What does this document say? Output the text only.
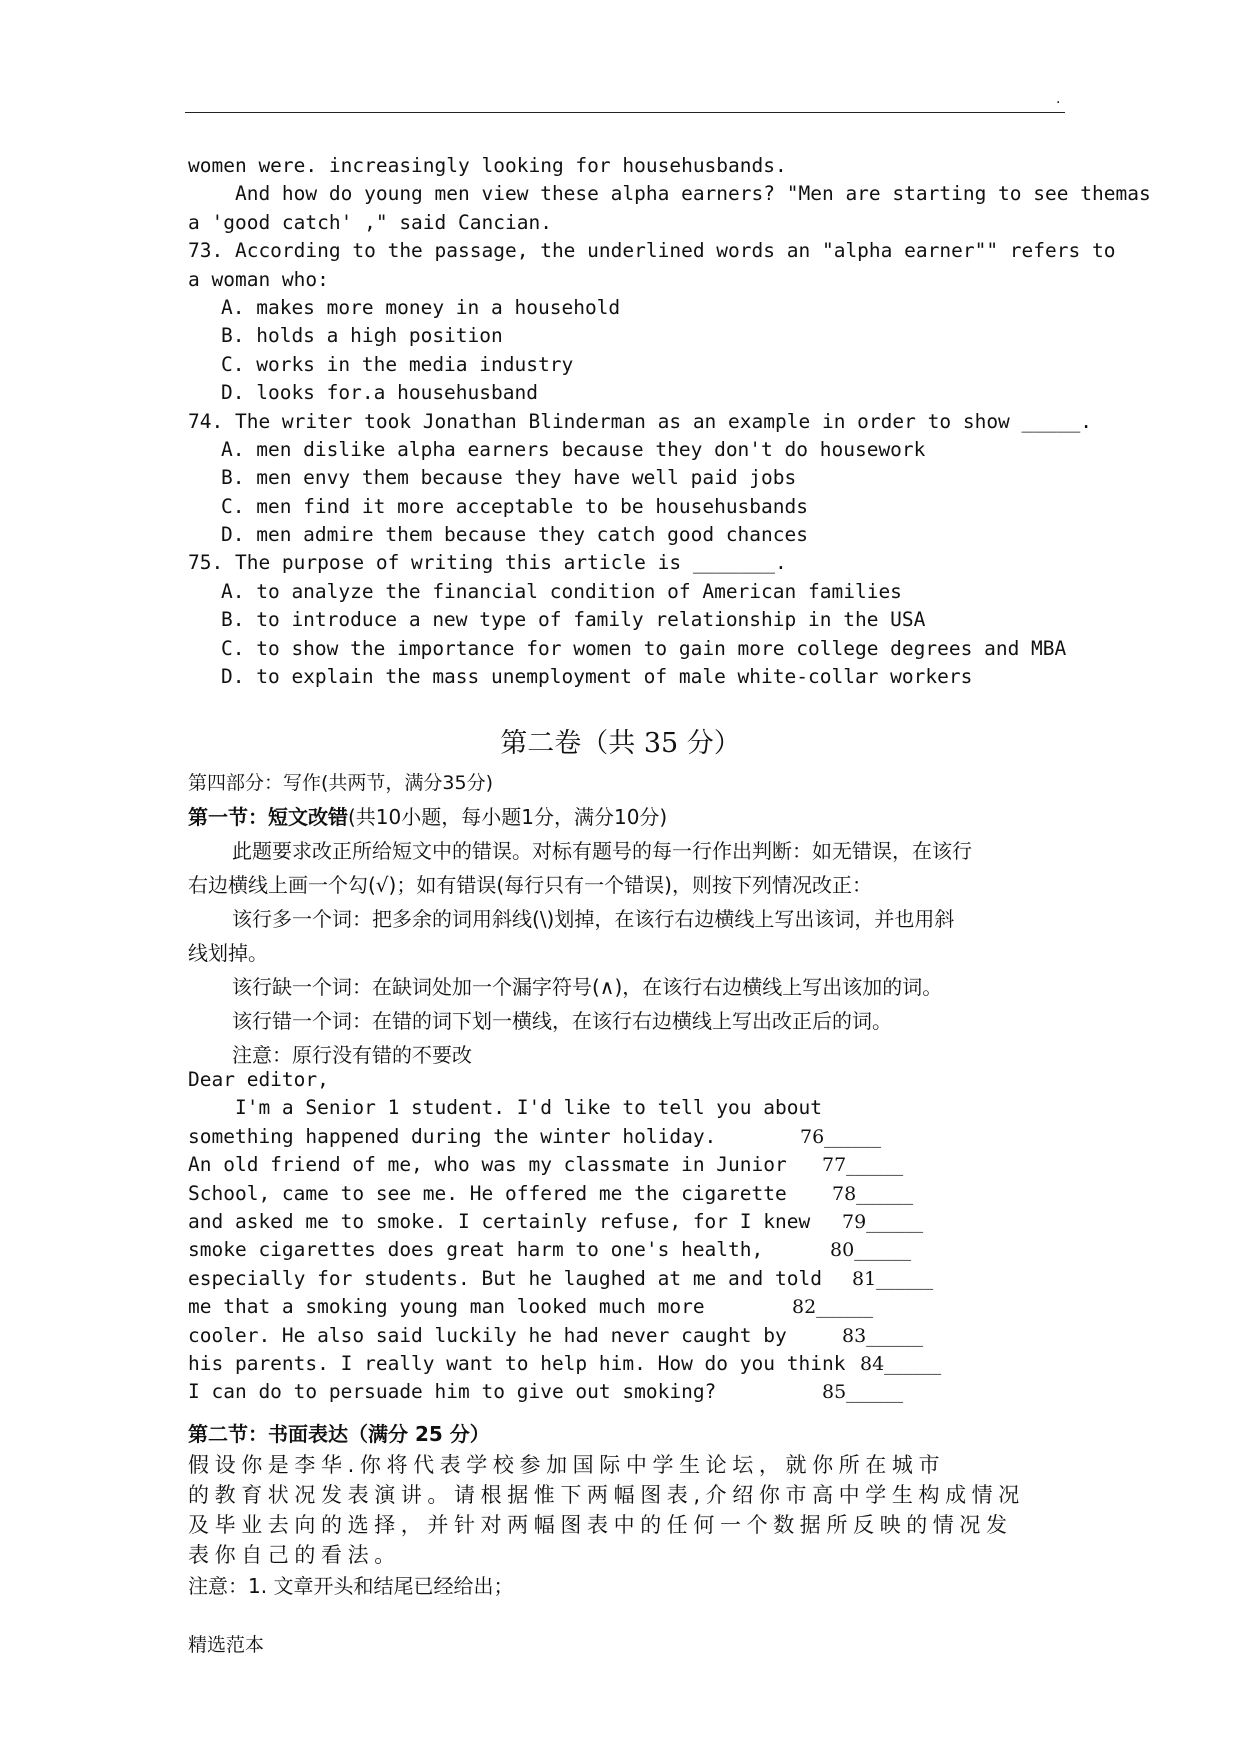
.
women were. increasingly looking for househusbands.
And how do young men view these alpha earners? "Men are starting to see themas
a 'good catch' ," said Cancian.
73. According to the passage, the underlined words an "alpha earner"" refers to
a woman who:
A. makes more money in a household
B. holds a high position
C. works in the media industry
D. looks for.a househusband
74. The writer took Jonathan Blinderman as an example in order to show _____.
A. men dislike alpha earners because they don't do housework
B. men envy them because they have well paid jobs
C. men find it more acceptable to be househusbands
D. men admire them because they catch good chances
75. The purpose of writing this article is _______.
A. to analyze the financial condition of American families
B. to introduce a new type of family relationship in the USA
C. to show the importance for women to gain more college degrees and MBA
D. to explain the mass unemployment of male white-collar workers
第二卷（共 35 分）
第四部分：写作(共两节，满分35分)
第一节：短文改错(共10小题，每小题1分，满分10分)
此题要求改正所给短文中的错误。对标有题号的每一行作出判断：如无错误，在该行
右边横线上画一个勾(√)；如有错误(每行只有一个错误)，则按下列情况改正：
该行多一个词：把多余的词用斜线(\)划掉，在该行右边横线上写出该词，并也用斜
线划掉。
该行缺一个词：在缺词处加一个漏字符号(∧)，在该行右边横线上写出该加的词。
该行错一个词：在错的词下划一横线，在该行右边横线上写出改正后的词。
注意：原行没有错的不要改
Dear editor,
I'm a Senior 1 student. I'd like to tell you about
something happened during the winter holiday.	76______
An old friend of me, who was my classmate in Junior 77______
School, came to see me. He offered me the cigarette 78______
and asked me to smoke. I certainly refuse, for I knew 79______
smoke cigarettes does great harm to one's health,	80______
especially for students. But he laughed at me and told 81______
me that a smoking young man looked much more	82______
cooler. He also said luckily he had never caught by	83______
his parents. I really want to help him. How do you think 84______
I can do to persuade him to give out smoking?	85______
第二节：书面表达（满分 25 分）
假设你是李华.你将代表学校参加国际中学生论坛，就你所在城市
的教育状况发表演讲。请根据惟下两幅图表,介绍你市高中学生构成情况
及毕业去向的选择，并针对两幅图表中的任何一个数据所反映的情况发
表你自己的看法。
注意：1. 文章开头和结尾已经给出；
精选范本
